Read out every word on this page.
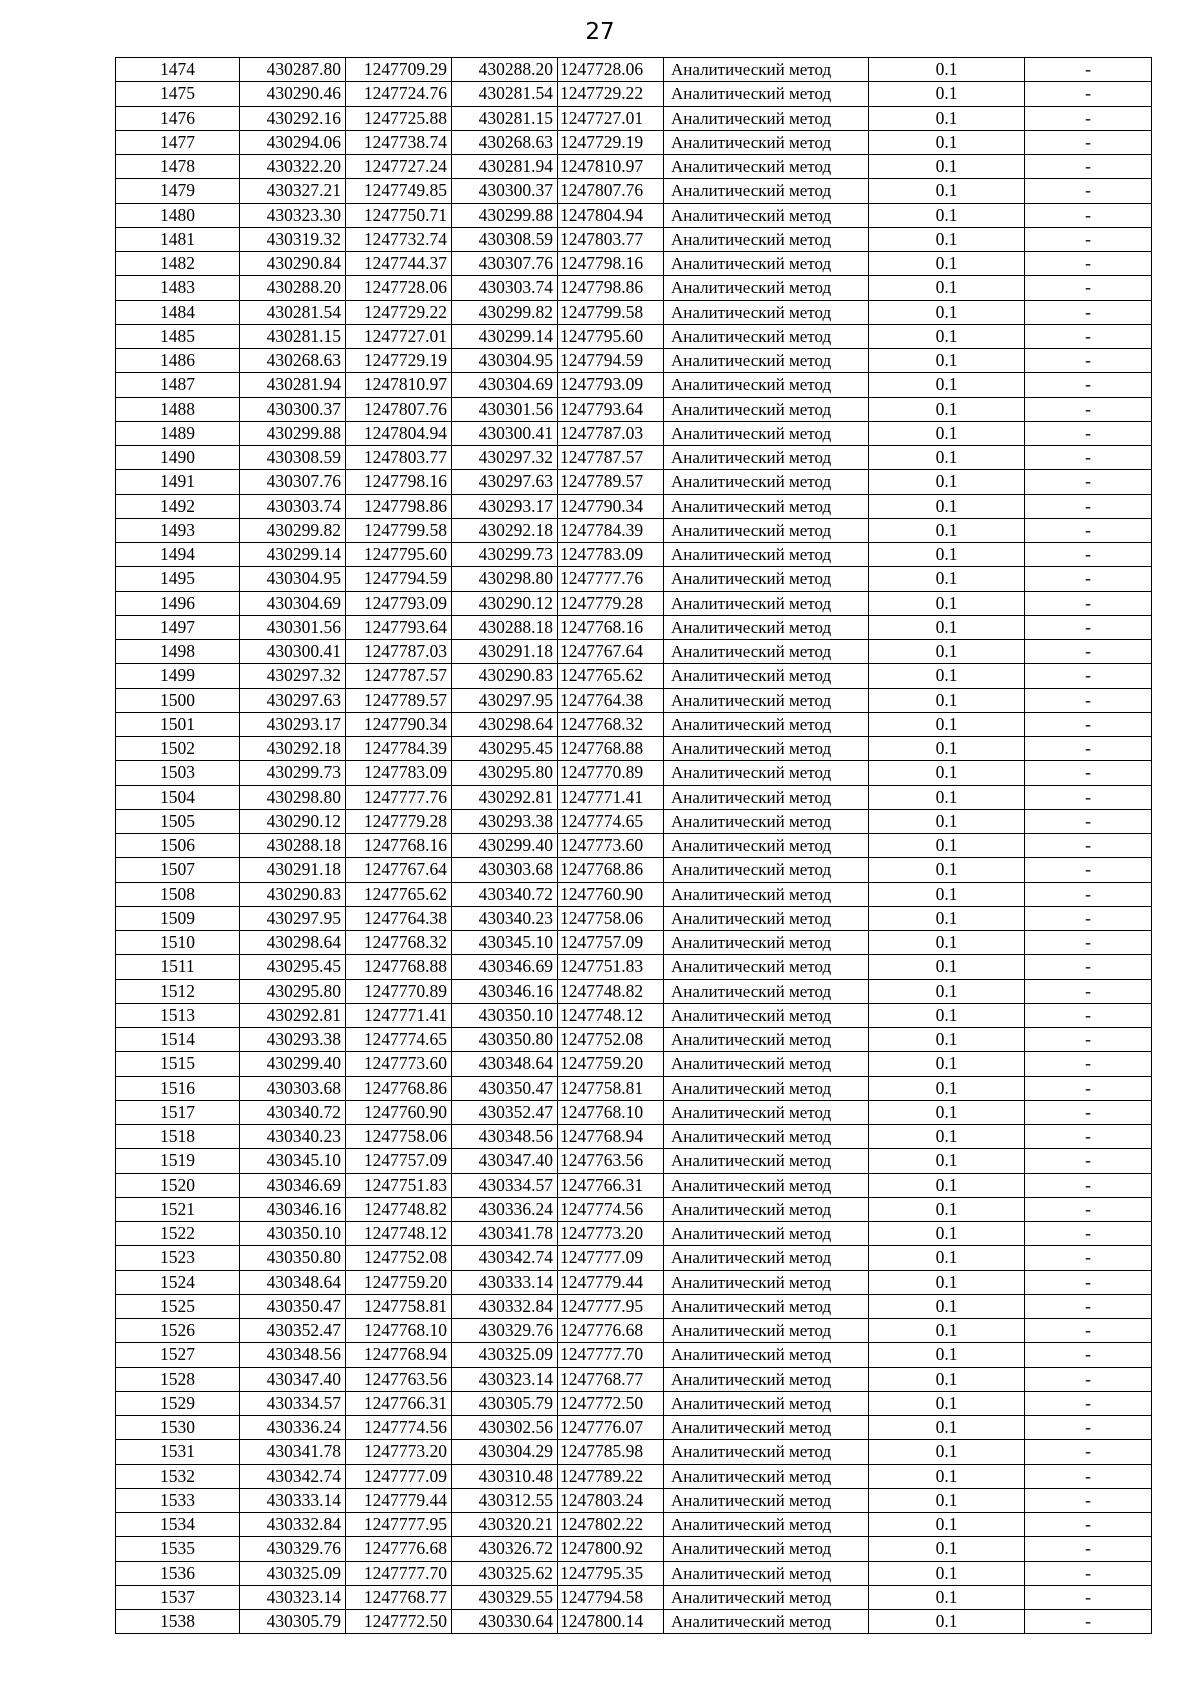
27
1474	430287.80	1247709.29	430288.20	1247728.06	Аналитический метод	0.1	-
1475	430290.46	1247724.76	430281.54	1247729.22	Аналитический метод	0.1	-
1476	430292.16	1247725.88	430281.15	1247727.01	Аналитический метод	0.1	-
1477	430294.06	1247738.74	430268.63	1247729.19	Аналитический метод	0.1	-
1478	430322.20	1247727.24	430281.94	1247810.97	Аналитический метод	0.1	-
1479	430327.21	1247749.85	430300.37	1247807.76	Аналитический метод	0.1	-
1480	430323.30	1247750.71	430299.88	1247804.94	Аналитический метод	0.1	-
1481	430319.32	1247732.74	430308.59	1247803.77	Аналитический метод	0.1	-
1482	430290.84	1247744.37	430307.76	1247798.16	Аналитический метод	0.1	-
1483	430288.20	1247728.06	430303.74	1247798.86	Аналитический метод	0.1	-
1484	430281.54	1247729.22	430299.82	1247799.58	Аналитический метод	0.1	-
1485	430281.15	1247727.01	430299.14	1247795.60	Аналитический метод	0.1	-
1486	430268.63	1247729.19	430304.95	1247794.59	Аналитический метод	0.1	-
1487	430281.94	1247810.97	430304.69	1247793.09	Аналитический метод	0.1	-
1488	430300.37	1247807.76	430301.56	1247793.64	Аналитический метод	0.1	-
1489	430299.88	1247804.94	430300.41	1247787.03	Аналитический метод	0.1	-
1490	430308.59	1247803.77	430297.32	1247787.57	Аналитический метод	0.1	-
1491	430307.76	1247798.16	430297.63	1247789.57	Аналитический метод	0.1	-
1492	430303.74	1247798.86	430293.17	1247790.34	Аналитический метод	0.1	-
1493	430299.82	1247799.58	430292.18	1247784.39	Аналитический метод	0.1	-
1494	430299.14	1247795.60	430299.73	1247783.09	Аналитический метод	0.1	-
1495	430304.95	1247794.59	430298.80	1247777.76	Аналитический метод	0.1	-
1496	430304.69	1247793.09	430290.12	1247779.28	Аналитический метод	0.1	-
1497	430301.56	1247793.64	430288.18	1247768.16	Аналитический метод	0.1	-
1498	430300.41	1247787.03	430291.18	1247767.64	Аналитический метод	0.1	-
1499	430297.32	1247787.57	430290.83	1247765.62	Аналитический метод	0.1	-
1500	430297.63	1247789.57	430297.95	1247764.38	Аналитический метод	0.1	-
1501	430293.17	1247790.34	430298.64	1247768.32	Аналитический метод	0.1	-
1502	430292.18	1247784.39	430295.45	1247768.88	Аналитический метод	0.1	-
1503	430299.73	1247783.09	430295.80	1247770.89	Аналитический метод	0.1	-
1504	430298.80	1247777.76	430292.81	1247771.41	Аналитический метод	0.1	-
1505	430290.12	1247779.28	430293.38	1247774.65	Аналитический метод	0.1	-
1506	430288.18	1247768.16	430299.40	1247773.60	Аналитический метод	0.1	-
1507	430291.18	1247767.64	430303.68	1247768.86	Аналитический метод	0.1	-
1508	430290.83	1247765.62	430340.72	1247760.90	Аналитический метод	0.1	-
1509	430297.95	1247764.38	430340.23	1247758.06	Аналитический метод	0.1	-
1510	430298.64	1247768.32	430345.10	1247757.09	Аналитический метод	0.1	-
1511	430295.45	1247768.88	430346.69	1247751.83	Аналитический метод	0.1	-
1512	430295.80	1247770.89	430346.16	1247748.82	Аналитический метод	0.1	-
1513	430292.81	1247771.41	430350.10	1247748.12	Аналитический метод	0.1	-
1514	430293.38	1247774.65	430350.80	1247752.08	Аналитический метод	0.1	-
1515	430299.40	1247773.60	430348.64	1247759.20	Аналитический метод	0.1	-
1516	430303.68	1247768.86	430350.47	1247758.81	Аналитический метод	0.1	-
1517	430340.72	1247760.90	430352.47	1247768.10	Аналитический метод	0.1	-
1518	430340.23	1247758.06	430348.56	1247768.94	Аналитический метод	0.1	-
1519	430345.10	1247757.09	430347.40	1247763.56	Аналитический метод	0.1	-
1520	430346.69	1247751.83	430334.57	1247766.31	Аналитический метод	0.1	-
1521	430346.16	1247748.82	430336.24	1247774.56	Аналитический метод	0.1	-
1522	430350.10	1247748.12	430341.78	1247773.20	Аналитический метод	0.1	-
1523	430350.80	1247752.08	430342.74	1247777.09	Аналитический метод	0.1	-
1524	430348.64	1247759.20	430333.14	1247779.44	Аналитический метод	0.1	-
1525	430350.47	1247758.81	430332.84	1247777.95	Аналитический метод	0.1	-
1526	430352.47	1247768.10	430329.76	1247776.68	Аналитический метод	0.1	-
1527	430348.56	1247768.94	430325.09	1247777.70	Аналитический метод	0.1	-
1528	430347.40	1247763.56	430323.14	1247768.77	Аналитический метод	0.1	-
1529	430334.57	1247766.31	430305.79	1247772.50	Аналитический метод	0.1	-
1530	430336.24	1247774.56	430302.56	1247776.07	Аналитический метод	0.1	-
1531	430341.78	1247773.20	430304.29	1247785.98	Аналитический метод	0.1	-
1532	430342.74	1247777.09	430310.48	1247789.22	Аналитический метод	0.1	-
1533	430333.14	1247779.44	430312.55	1247803.24	Аналитический метод	0.1	-
1534	430332.84	1247777.95	430320.21	1247802.22	Аналитический метод	0.1	-
1535	430329.76	1247776.68	430326.72	1247800.92	Аналитический метод	0.1	-
1536	430325.09	1247777.70	430325.62	1247795.35	Аналитический метод	0.1	-
1537	430323.14	1247768.77	430329.55	1247794.58	Аналитический метод	0.1	-
1538	430305.79	1247772.50	430330.64	1247800.14	Аналитический метод	0.1	-
